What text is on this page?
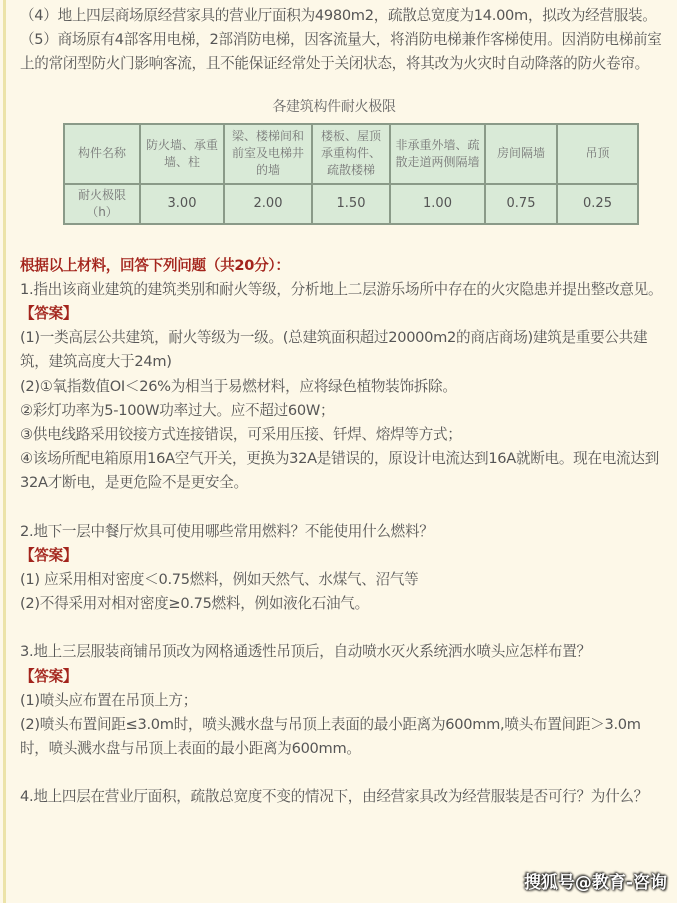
（4）地上四层商场原经营家具的营业厅面积为4980m2，疏散总宽度为14.00m，拟改为经营服装。

（5）商场原有4部客用电梯，2部消防电梯，因客流量大，将消防电梯兼作客梯使用。因消防电梯前室上的常闭型防火门影响客流，且不能保证经常处于关闭状态，将其改为火灾时自动降落的防火卷帘。

各建筑构件耐火极限
构件名称	防火墙、承重墙、柱	梁、楼梯间和前室及电梯井的墙	楼板、屋顶承重构件、疏散楼梯	非承重外墙、疏散走道两侧隔墙	房间隔墙	吊顶
耐火极限（h）	3.00	2.00	1.50	1.00	0.75	0.25

根据以上材料，回答下列问题（共20分）：

1.指出该商业建筑的建筑类别和耐火等级，分析地上二层游乐场所中存在的火灾隐患并提出整改意见。

【答案】

(1)一类高层公共建筑，耐火等级为一级。(总建筑面积超过20000m2的商店商场)建筑是重要公共建筑，建筑高度大于24m)

(2)①氧指数值OI＜26%为相当于易燃材料，应将绿色植物装饰拆除。

②彩灯功率为5-100W功率过大。应不超过60W；

③供电线路采用铰接方式连接错误，可采用压接、钎焊、熔焊等方式；

④该场所配电箱原用16A空气开关，更换为32A是错误的，原设计电流达到16A就断电。现在电流达到32A才断电，是更危险不是更安全。

2.地下一层中餐厅炊具可使用哪些常用燃料？不能使用什么燃料？

【答案】

(1) 应采用相对密度＜0.75燃料，例如天然气、水煤气、沼气等

(2)不得采用对相对密度≥0.75燃料，例如液化石油气。

3.地上三层服装商铺吊顶改为网格通透性吊顶后，自动喷水灭火系统洒水喷头应怎样布置？

【答案】

(1)喷头应布置在吊顶上方；

(2)喷头布置间距≤3.0m时，喷头溅水盘与吊顶上表面的最小距离为600mm,喷头布置间距＞3.0m时，喷头溅水盘与吊顶上表面的最小距离为600mm。

4.地上四层在营业厅面积，疏散总宽度不变的情况下，由经营家具改为经营服装是否可行？为什么？

搜狐号@教育-咨询
